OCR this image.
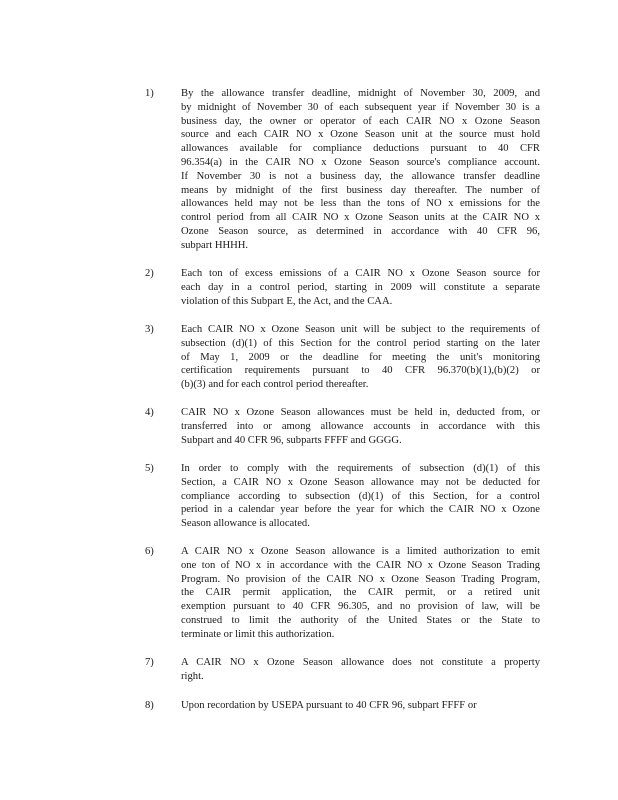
1)	By the allowance transfer deadline, midnight of November 30, 2009, and
by midnight of November 30 of each subsequent year if November 30 is a
business day, the owner or operator of each CAIR NO x Ozone Season
source and each CAIR NO x Ozone Season unit at the source must hold
allowances available for compliance deductions pursuant to 40 CFR
96.354(a) in the CAIR NO x Ozone Season source's compliance account.
If November 30 is not a business day, the allowance transfer deadline
means by midnight of the first business day thereafter. The number of
allowances held may not be less than the tons of NO x emissions for the
control period from all CAIR NO x Ozone Season units at the CAIR NO x
Ozone Season source, as determined in accordance with 40 CFR 96,
subpart HHHH.
2)	Each ton of excess emissions of a CAIR NO x Ozone Season source for
each day in a control period, starting in 2009 will constitute a separate
violation of this Subpart E, the Act, and the CAA.
3)	Each CAIR NO x Ozone Season unit will be subject to the requirements of
subsection (d)(1) of this Section for the control period starting on the later
of May 1, 2009 or the deadline for meeting the unit's monitoring
certification requirements pursuant to 40 CFR 96.370(b)(1),(b)(2) or
(b)(3) and for each control period thereafter.
4)	CAIR NO x Ozone Season allowances must be held in, deducted from, or
transferred into or among allowance accounts in accordance with this
Subpart and 40 CFR 96, subparts FFFF and GGGG.
5)	In order to comply with the requirements of subsection (d)(1) of this
Section, a CAIR NO x Ozone Season allowance may not be deducted for
compliance according to subsection (d)(1) of this Section, for a control
period in a calendar year before the year for which the CAIR NO x Ozone
Season allowance is allocated.
6)	A CAIR NO x Ozone Season allowance is a limited authorization to emit
one ton of NO x in accordance with the CAIR NO x Ozone Season Trading
Program. No provision of the CAIR NO x Ozone Season Trading Program,
the CAIR permit application, the CAIR permit, or a retired unit
exemption pursuant to 40 CFR 96.305, and no provision of law, will be
construed to limit the authority of the United States or the State to
terminate or limit this authorization.
7)	A CAIR NO x Ozone Season allowance does not constitute a property
right.
8)	Upon recordation by USEPA pursuant to 40 CFR 96, subpart FFFF or
